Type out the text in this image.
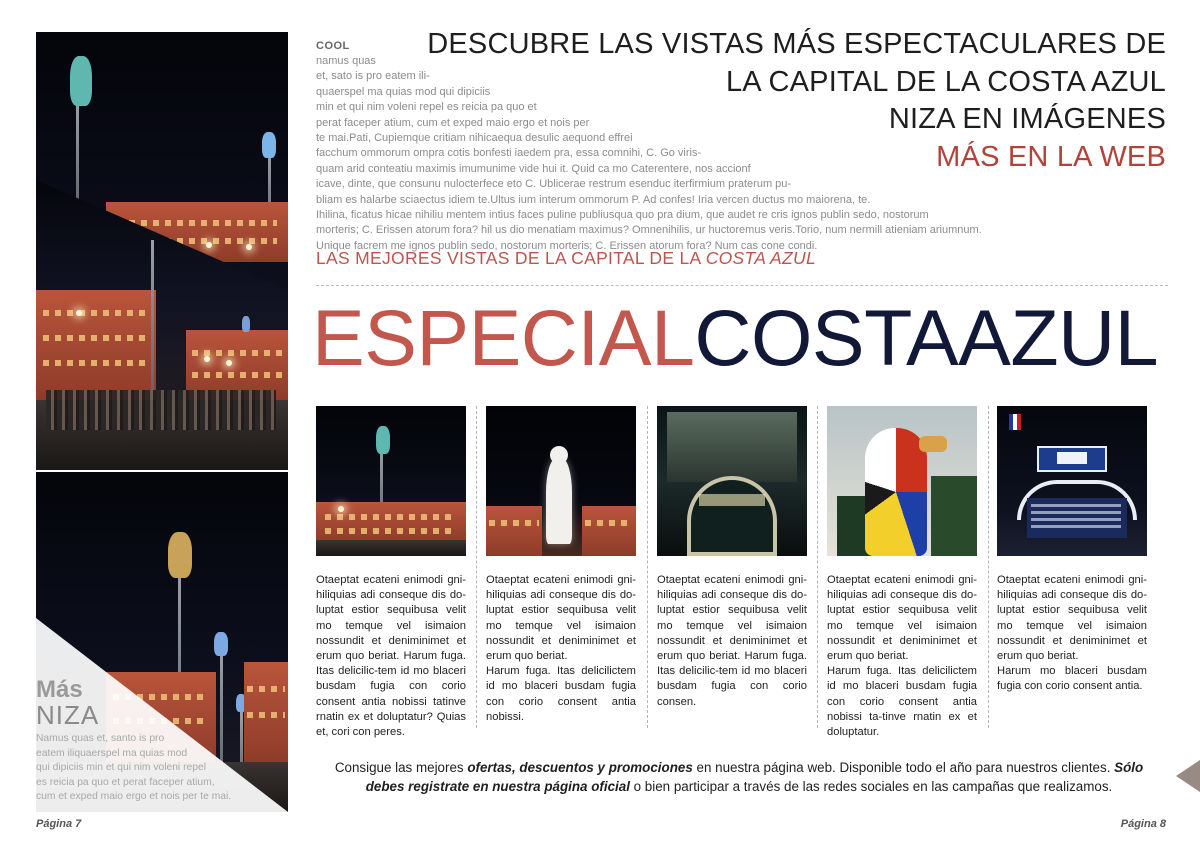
Más
NIZA
Namus quas et, santo is pro
eatem iliquaerspel ma quias mod
qui dipiciis min et qui nim voleni repel
es reicia pa quo et perat faceper atium,
cum et exped maio ergo et nois per te mai.
Página 7
COOL
namus quas
et, sato is pro eatem ili-
quaerspel ma quias mod qui dipiciis
min et qui nim voleni repel es reicia pa quo et
perat faceper atium, cum et exped maio ergo et nois per
te mai.Pati, Cupiemque critiam nihicaequa desulic aequond effrei
facchum ommorum ompra cotis bonfesti iaedem pra, essa comnihi, C. Go viris-
quam arid conteatiu maximis imumunime vide hui it. Quid ca mo Caterentere, nos accionf
icave, dinte, que consunu nulocterfece eto C. Ublicerae restrum esenduc iterfirmium praterum pu-
bliam es halarbe sciaectus idiem te.Ultus ium interum ommorum P. Ad confes! Iria vercen ductus mo maiorena, te.
Ihilina, ficatus hicae nihiliu mentem intius faces puline publiusqua quo pra dium, que audet re cris ignos publin sedo, nostorum
morteris; C. Erissen atorum fora? hil us dio menatiam maximus? Omnenihilis, ur huctoremus veris.Torio, num nermill atieniam ariumnum.
Unique facrem me ignos publin sedo, nostorum morteris; C. Erissen atorum fora? Num cas cone condi.
DESCUBRE LAS VISTAS MÁS ESPECTACULARES DE
LA CAPITAL DE LA COSTA AZUL
NIZA EN IMÁGENES
MÁS EN LA WEB
LAS MEJORES VISTAS DE LA CAPITAL DE LA COSTA AZUL
ESPECIALCOSTAAZUL

Otaeptat ecateni enimodi gni-hiliquias adi conseque dis do-luptat estior sequibusa velit mo temque vel isimaion nossundit et deniminimet et erum quo beriat. Harum fuga. Itas delicilic-tem id mo blaceri busdam fugia con corio consent antia nobissi tatinve rnatin ex et doluptatur? Quias et, cori con peres.

Otaeptat ecateni enimodi gni-hiliquias adi conseque dis do-luptat estior sequibusa velit mo temque vel isimaion nossundit et deniminimet et erum quo beriat.

Harum fuga. Itas delicilictem id mo blaceri busdam fugia con corio consent antia nobissi.

Otaeptat ecateni enimodi gni-hiliquias adi conseque dis do-luptat estior sequibusa velit mo temque vel isimaion nossundit et deniminimet et erum quo beriat. Harum fuga. Itas delicilic-tem id mo blaceri busdam fugia con corio consen.

Otaeptat ecateni enimodi gni-hiliquias adi conseque dis do-luptat estior sequibusa velit mo temque vel isimaion nossundit et deniminimet et erum quo beriat.

Harum fuga. Itas delicilictem id mo blaceri busdam fugia con corio consent antia nobissi ta-tinve rnatin ex et doluptatur.

Otaeptat ecateni enimodi gni-hiliquias adi conseque dis do-luptat estior sequibusa velit mo temque vel isimaion nossundit et deniminimet et erum quo beriat.

Harum mo blaceri busdam fugia con corio consent antia.

Consigue las mejores ofertas, descuentos y promociones en nuestra página web. Disponible todo el año para nuestros clientes. Sólo debes registrate en nuestra página oficial o bien participar a través de las redes sociales en las campañas que realizamos.
Página 8
